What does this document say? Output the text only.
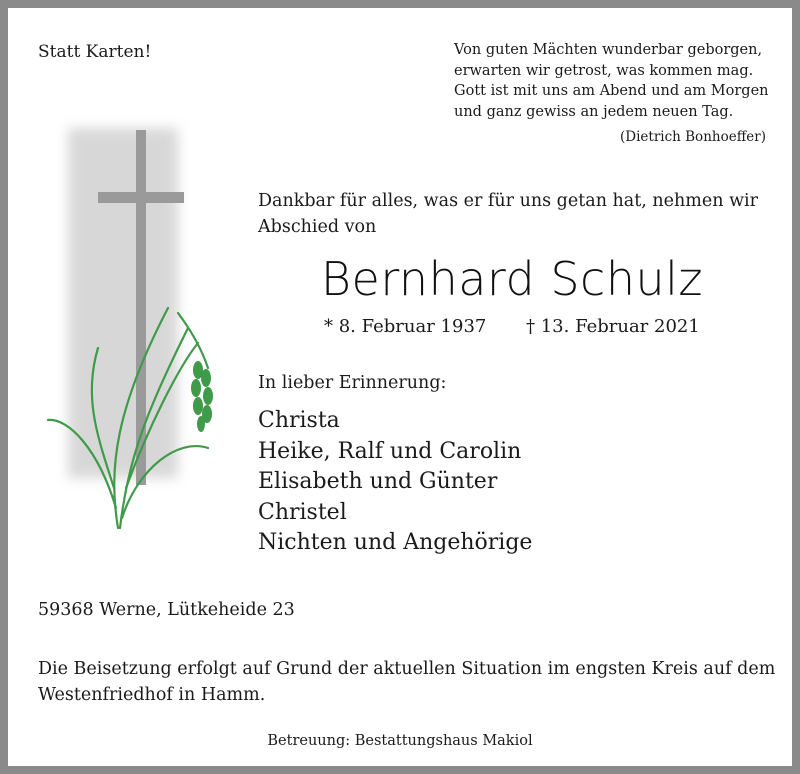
Statt Karten!	Von guten Mächten wunderbar geborgen,
erwarten wir getrost, was kommen mag.
Gott ist mit uns am Abend und am Morgen
und ganz gewiss an jedem neuen Tag.
(Dietrich Bonhoeffer)
Dankbar für alles, was er für uns getan hat, nehmen wir Abschied von
Bernhard Schulz
* 8. Februar 1937 † 13. Februar 2021
In lieber Erinnerung:
Christa
Heike, Ralf und Carolin
Elisabeth und Günter
Christel
Nichten und Angehörige
59368 Werne, Lütkeheide 23
Die Beisetzung erfolgt auf Grund der aktuellen Situation im engsten Kreis auf dem Westenfriedhof in Hamm.
Betreuung: Bestattungshaus Makiol
